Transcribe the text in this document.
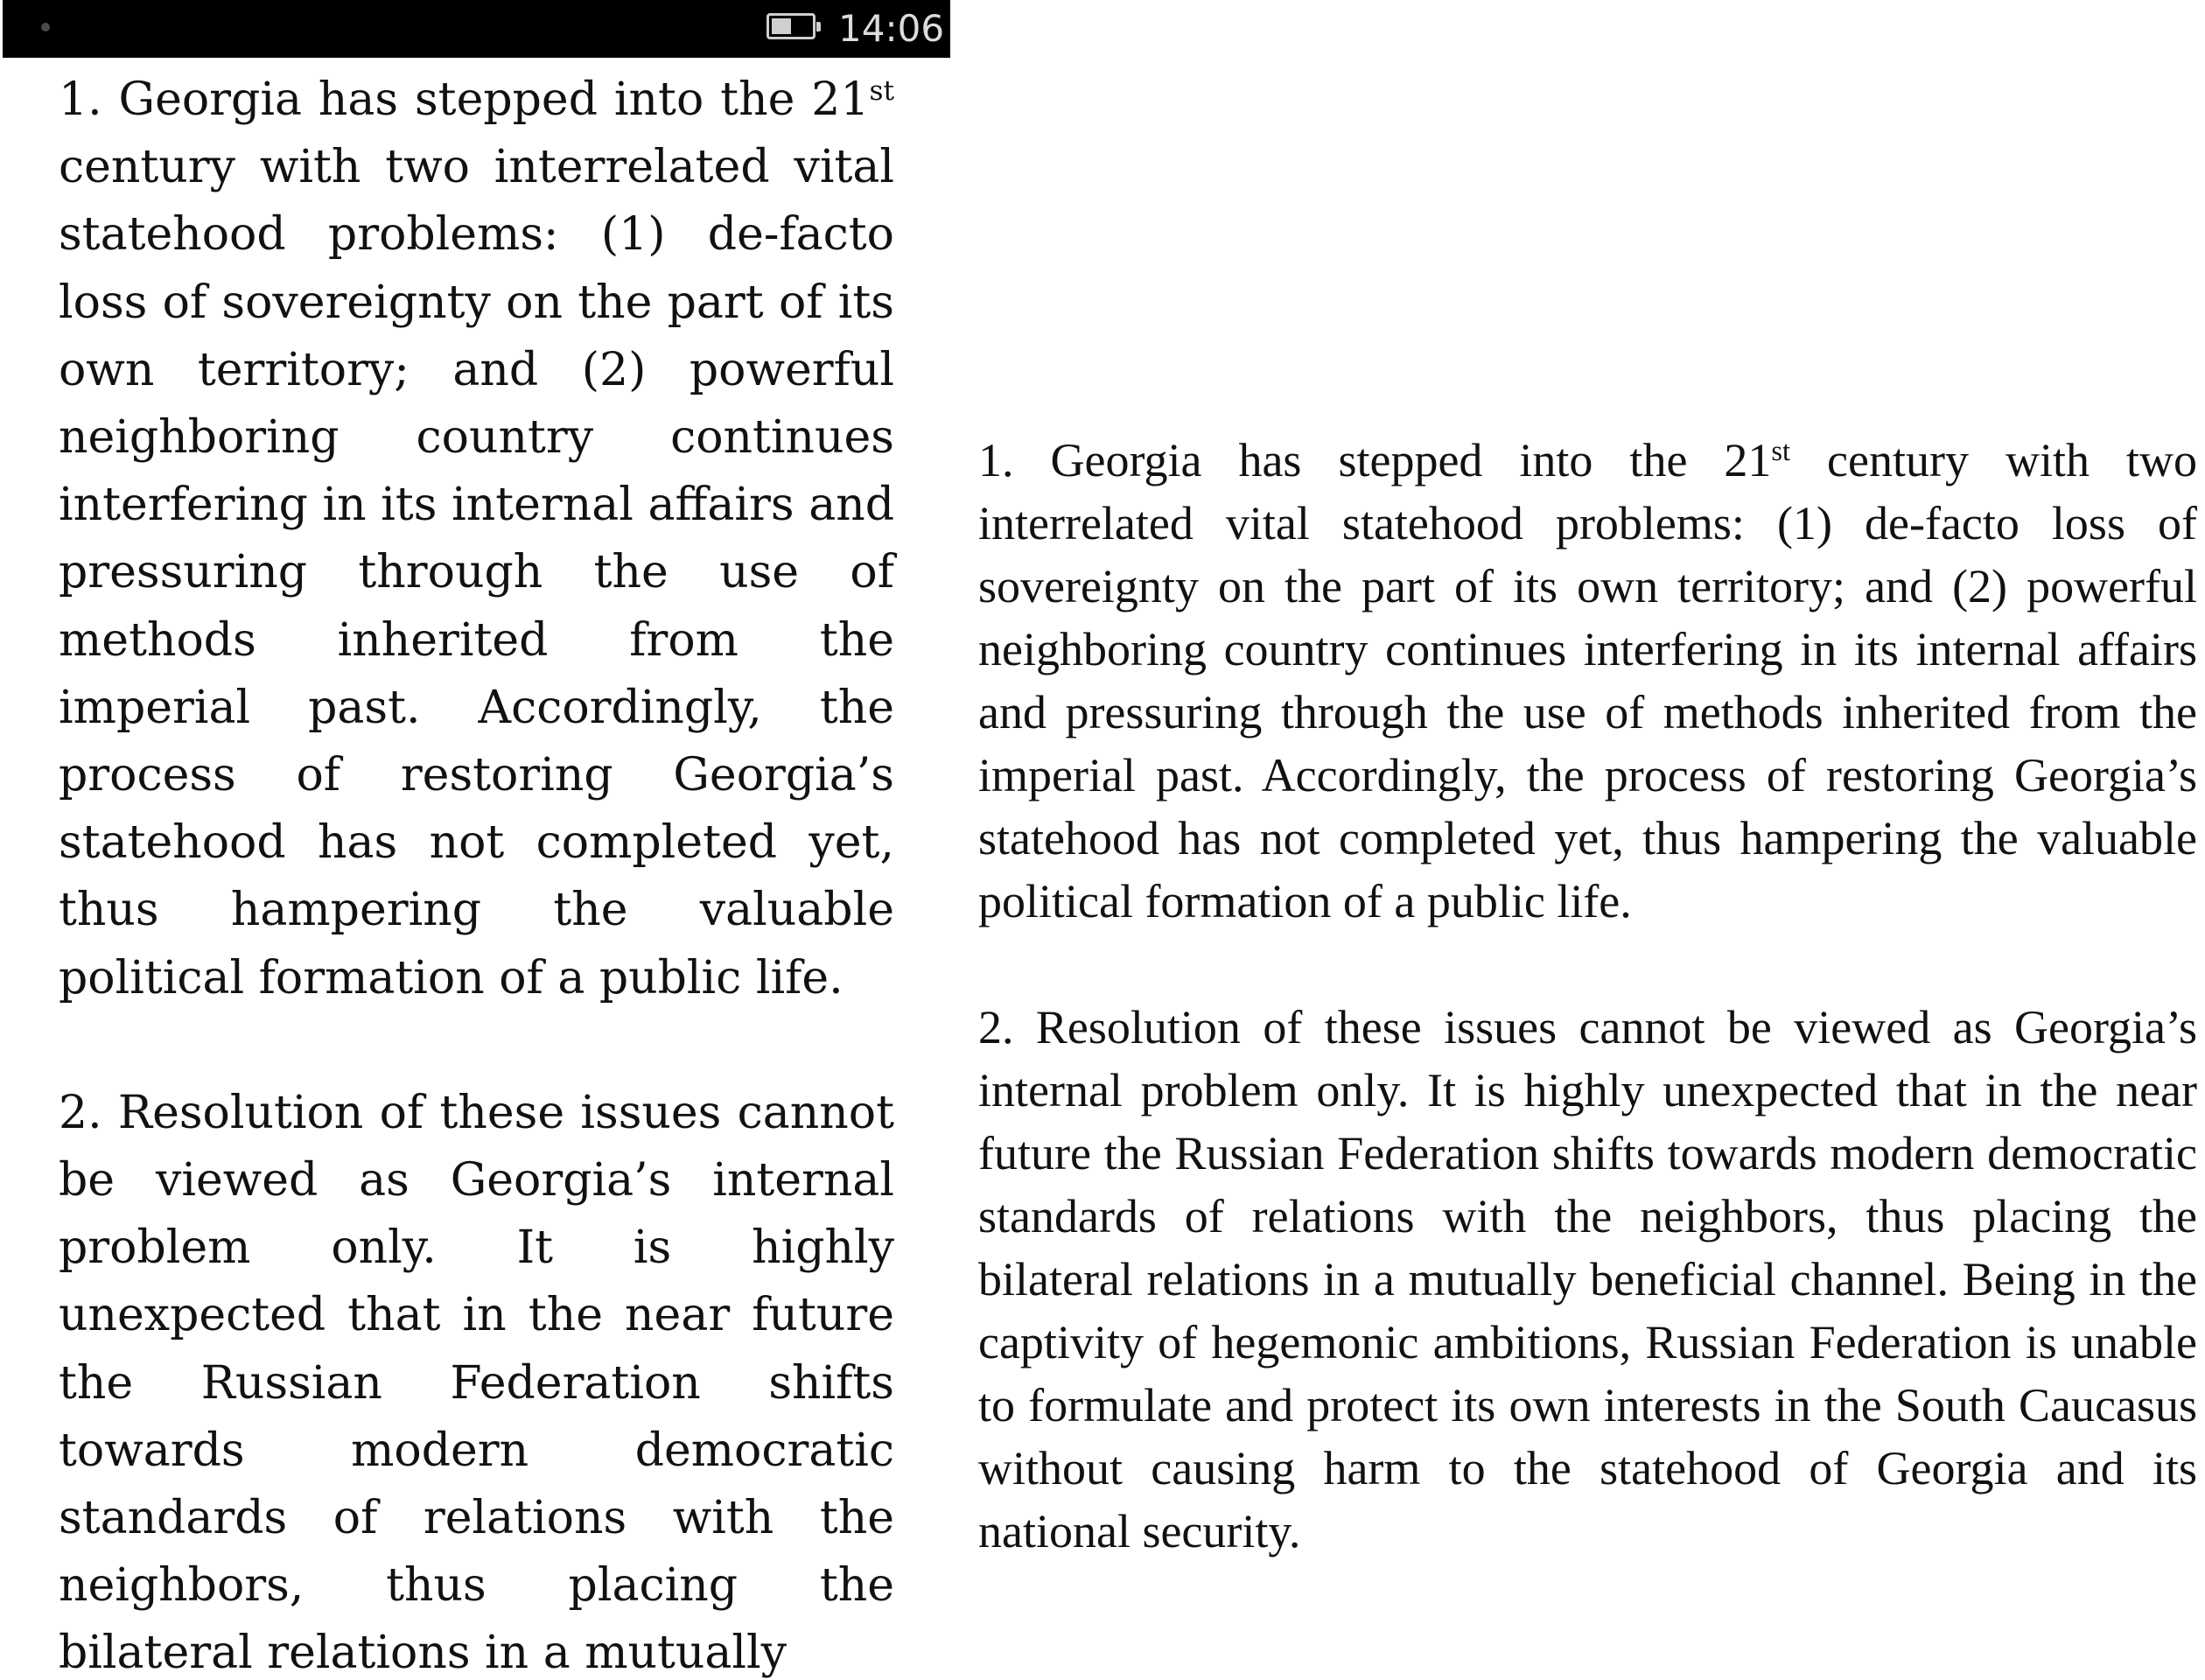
14:06

1. Georgia has stepped into the 21st century with two interrelated vital statehood problems: (1) de-facto loss of sovereignty on the part of its own territory; and (2) powerful neighboring country continues interfering in its internal affairs and pressuring through the use of methods inherited from the imperial past. Accordingly, the process of restoring Georgia’s statehood has not completed yet, thus hampering the valuable political formation of a public life.

2. Resolution of these issues cannot be viewed as Georgia’s internal problem only. It is highly unexpected that in the near future the Russian Federation shifts towards modern democratic standards of relations with the neighbors, thus placing the bilateral relations in a mutually

1. Georgia has stepped into the 21st century with two interrelated vital statehood problems: (1) de-facto loss of sovereignty on the part of its own territory; and (2) powerful neighboring country continues interfering in its internal affairs and pressuring through the use of methods inherited from the imperial past. Accordingly, the process of restoring Georgia’s statehood has not completed yet, thus hampering the valuable political formation of a public life.

2. Resolution of these issues cannot be viewed as Georgia’s internal problem only. It is highly unexpected that in the near future the Russian Federation shifts towards modern democratic standards of relations with the neighbors, thus placing the bilateral relations in a mutually beneficial channel. Being in the captivity of hegemonic ambitions, Russian Federation is unable to formulate and protect its own interests in the South Caucasus without causing harm to the statehood of Georgia and its national security.
